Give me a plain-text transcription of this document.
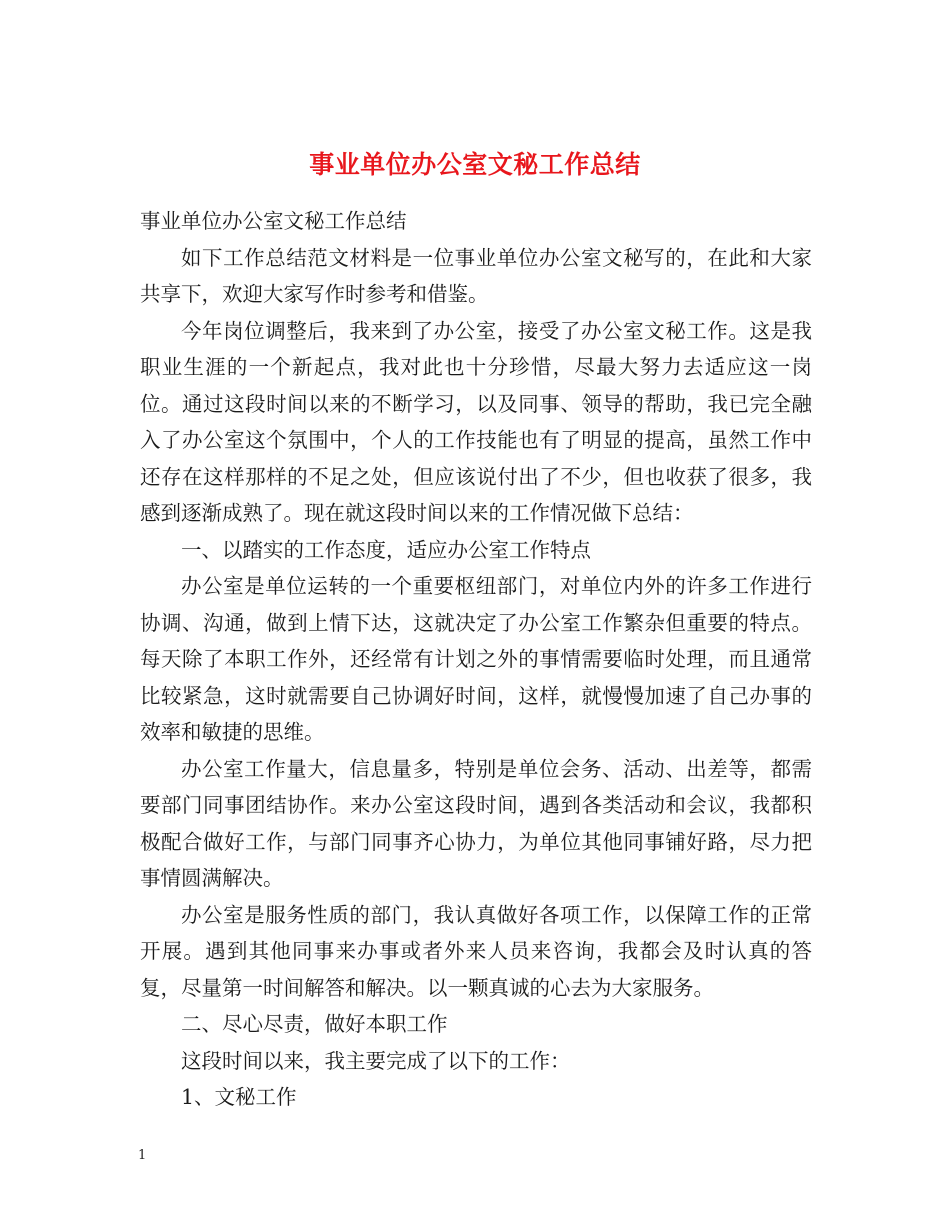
事业单位办公室文秘工作总结

事业单位办公室文秘工作总结

如下工作总结范文材料是一位事业单位办公室文秘写的，在此和大家共享下，欢迎大家写作时参考和借鉴。

今年岗位调整后，我来到了办公室，接受了办公室文秘工作。这是我职业生涯的一个新起点，我对此也十分珍惜，尽最大努力去适应这一岗位。通过这段时间以来的不断学习，以及同事、领导的帮助，我已完全融入了办公室这个氛围中，个人的工作技能也有了明显的提高，虽然工作中还存在这样那样的不足之处，但应该说付出了不少，但也收获了很多，我感到逐渐成熟了。现在就这段时间以来的工作情况做下总结：

一、以踏实的工作态度，适应办公室工作特点

办公室是单位运转的一个重要枢纽部门，对单位内外的许多工作进行协调、沟通，做到上情下达，这就决定了办公室工作繁杂但重要的特点。每天除了本职工作外，还经常有计划之外的事情需要临时处理，而且通常比较紧急，这时就需要自己协调好时间，这样，就慢慢加速了自己办事的效率和敏捷的思维。

办公室工作量大，信息量多，特别是单位会务、活动、出差等，都需要部门同事团结协作。来办公室这段时间，遇到各类活动和会议，我都积极配合做好工作，与部门同事齐心协力，为单位其他同事铺好路，尽力把事情圆满解决。

办公室是服务性质的部门，我认真做好各项工作，以保障工作的正常开展。遇到其他同事来办事或者外来人员来咨询，我都会及时认真的答复，尽量第一时间解答和解决。以一颗真诚的心去为大家服务。

二、尽心尽责，做好本职工作

这段时间以来，我主要完成了以下的工作：

1、文秘工作

1
